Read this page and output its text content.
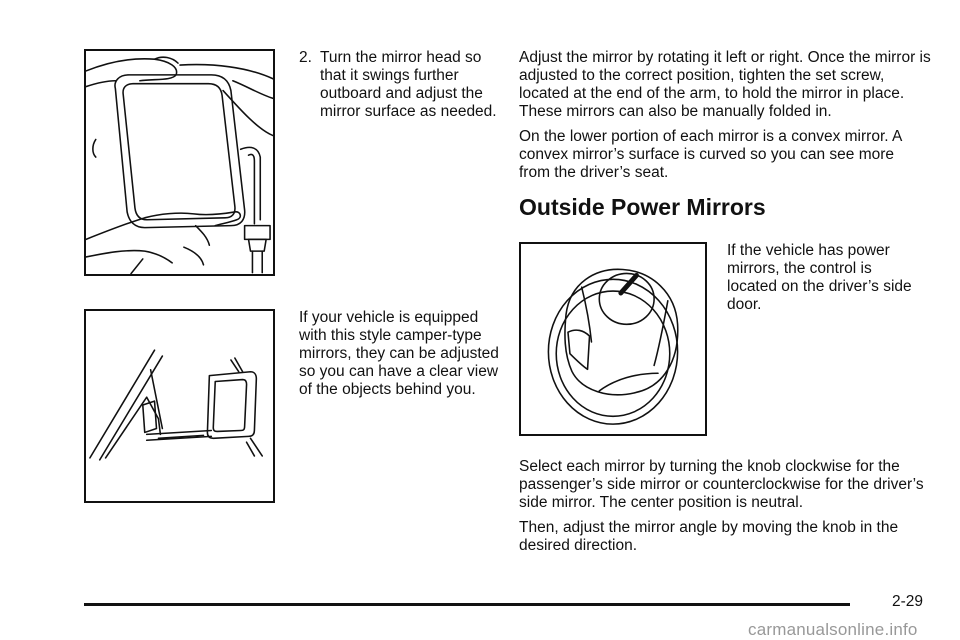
2. Turn the mirror head so that it swings further outboard and adjust the mirror surface as needed.

If your vehicle is equipped with this style camper-type mirrors, they can be adjusted so you can have a clear view of the objects behind you.

Adjust the mirror by rotating it left or right. Once the mirror is adjusted to the correct position, tighten the set screw, located at the end of the arm, to hold the mirror in place. These mirrors can also be manually folded in.

On the lower portion of each mirror is a convex mirror. A convex mirror’s surface is curved so you can see more from the driver’s seat.

Outside Power Mirrors

If the vehicle has power mirrors, the control is located on the driver’s side door.

Select each mirror by turning the knob clockwise for the passenger’s side mirror or counterclockwise for the driver’s side mirror. The center position is neutral.

Then, adjust the mirror angle by moving the knob in the desired direction.

2-29
carmanualsonline.info
